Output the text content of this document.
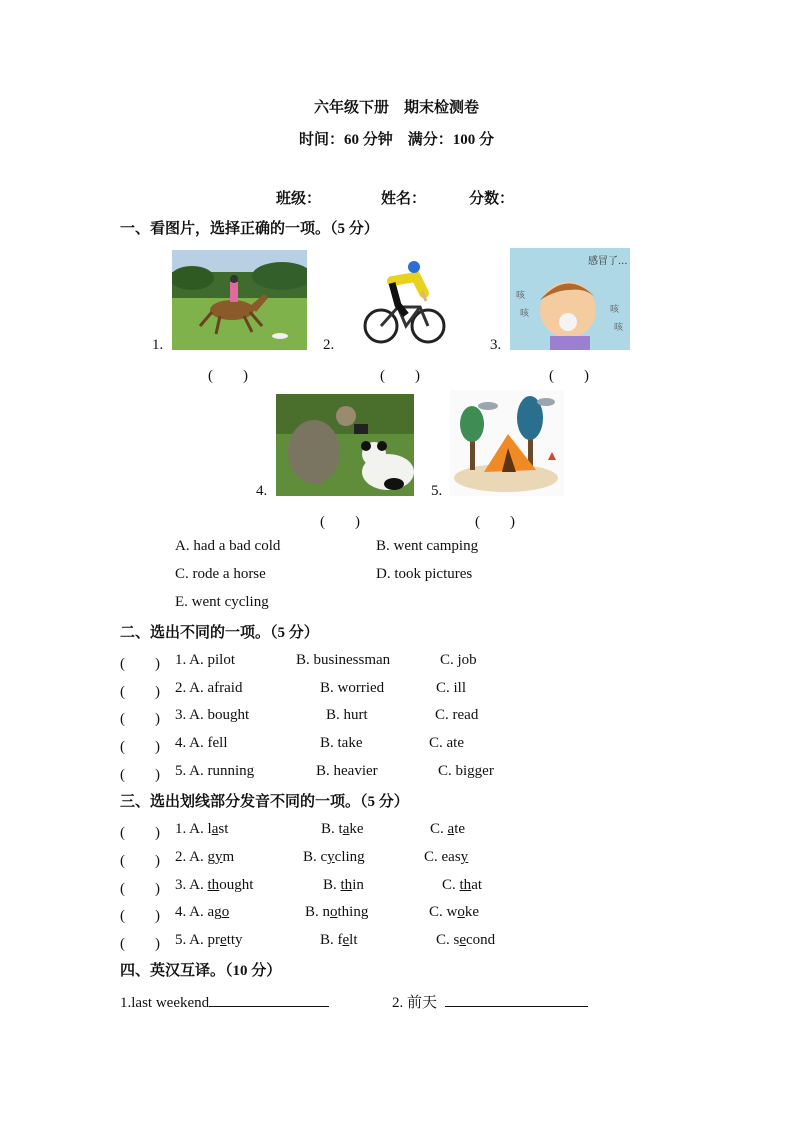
六年级下册　期末检测卷
时间：60 分钟　满分：100 分
班级：	姓名：	分数：
一、看图片，选择正确的一项。（5 分）
1.	2.
感冒了...
咳
咳	咳
咳
3.
(　　)	(　　)	(　　)
4.	5.
(　　)	(　　)
A. had a bad cold	B. went camping
C. rode a horse	D. took pictures
E. went cycling
二、选出不同的一项。（5 分）
(　　) 1. A. pilot	B. businessman	C. job
(　　) 2. A. afraid	B. worried	C. ill
(　　) 3. A. bought	B. hurt	C. read
(　　) 4. A. fell	B. take	C. ate
(　　) 5. A. running	B. heavier	C. bigger
三、选出划线部分发音不同的一项。（5 分）
(　　) 1. A. last	B. take	C. ate
(　　) 2. A. gym	B. cycling	C. easy
(　　) 3. A. thought	B. thin	C. that
(　　) 4. A. ago	B. nothing	C. woke
(　　) 5. A. pretty	B. felt	C. second
四、英汉互译。（10 分）
1.last weekend	2. 前天
